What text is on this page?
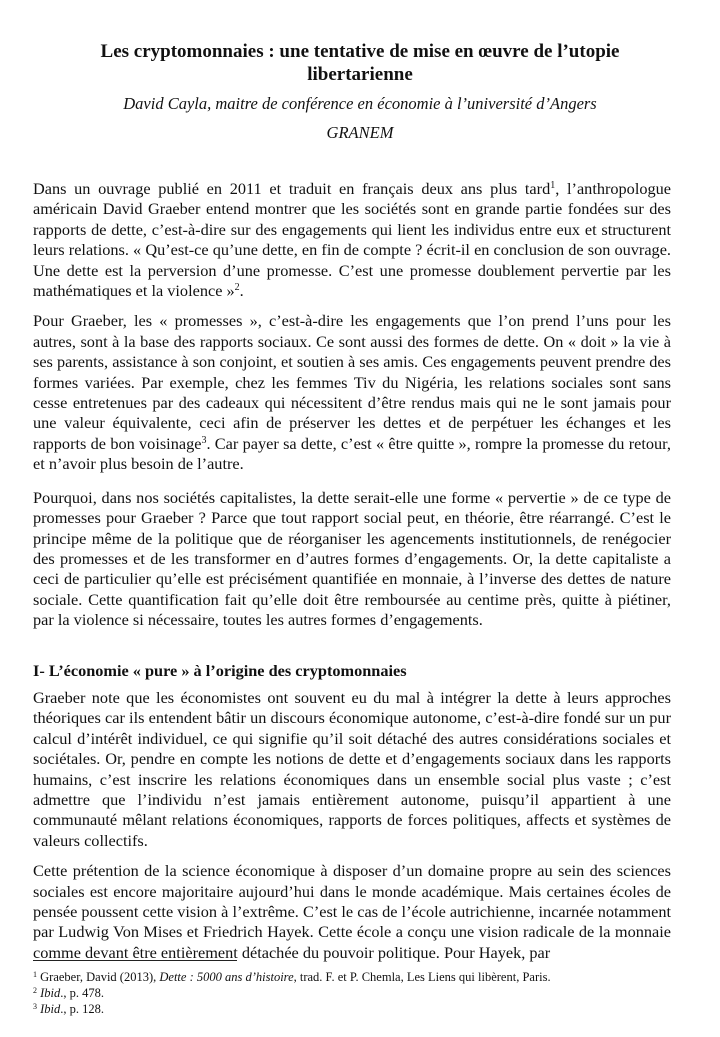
Les cryptomonnaies : une tentative de mise en œuvre de l’utopie libertarienne
David Cayla, maitre de conférence en économie à l’université d’Angers
GRANEM

Dans un ouvrage publié en 2011 et traduit en français deux ans plus tard$^1$, l’anthropologue américain David Graeber entend montrer que les sociétés sont en grande partie fondées sur des rapports de dette, c’est-à-dire sur des engagements qui lient les individus entre eux et structurent leurs relations. « Qu’est-ce qu’une dette, en fin de compte ? écrit-il en conclusion de son ouvrage. Une dette est la perversion d’une promesse. C’est une promesse doublement pervertie par les mathématiques et la violence »$^2$.

Pour Graeber, les « promesses », c’est-à-dire les engagements que l’on prend l’uns pour les autres, sont à la base des rapports sociaux. Ce sont aussi des formes de dette. On « doit » la vie à ses parents, assistance à son conjoint, et soutien à ses amis. Ces engagements peuvent prendre des formes variées. Par exemple, chez les femmes Tiv du Nigéria, les relations sociales sont sans cesse entretenues par des cadeaux qui nécessitent d’être rendus mais qui ne le sont jamais pour une valeur équivalente, ceci afin de préserver les dettes et de perpétuer les échanges et les rapports de bon voisinage$^3$. Car payer sa dette, c’est « être quitte », rompre la promesse du retour, et n’avoir plus besoin de l’autre.

Pourquoi, dans nos sociétés capitalistes, la dette serait-elle une forme « pervertie » de ce type de promesses pour Graeber ? Parce que tout rapport social peut, en théorie, être réarrangé. C’est le principe même de la politique que de réorganiser les agencements institutionnels, de renégocier des promesses et de les transformer en d’autres formes d’engagements. Or, la dette capitaliste a ceci de particulier qu’elle est précisément quantifiée en monnaie, à l’inverse des dettes de nature sociale. Cette quantification fait qu’elle doit être remboursée au centime près, quitte à piétiner, par la violence si nécessaire, toutes les autres formes d’engagements.

I- L’économie « pure » à l’origine des cryptomonnaies

Graeber note que les économistes ont souvent eu du mal à intégrer la dette à leurs approches théoriques car ils entendent bâtir un discours économique autonome, c’est-à-dire fondé sur un pur calcul d’intérêt individuel, ce qui signifie qu’il soit détaché des autres considérations sociales et sociétales. Or, pendre en compte les notions de dette et d’engagements sociaux dans les rapports humains, c’est inscrire les relations économiques dans un ensemble social plus vaste ; c’est admettre que l’individu n’est jamais entièrement autonome, puisqu’il appartient à une communauté mêlant relations économiques, rapports de forces politiques, affects et systèmes de valeurs collectifs.

Cette prétention de la science économique à disposer d’un domaine propre au sein des sciences sociales est encore majoritaire aujourd’hui dans le monde académique. Mais certaines écoles de pensée poussent cette vision à l’extrême. C’est le cas de l’école autrichienne, incarnée notamment par Ludwig Von Mises et Friedrich Hayek. Cette école a conçu une vision radicale de la monnaie comme devant être entièrement détachée du pouvoir politique. Pour Hayek, par

$^1$ Graeber, David (2013), Dette : 5000 ans d’histoire, trad. F. et P. Chemla, Les Liens qui libèrent, Paris.

$^2$ Ibid., p. 478.

$^3$ Ibid., p. 128.
